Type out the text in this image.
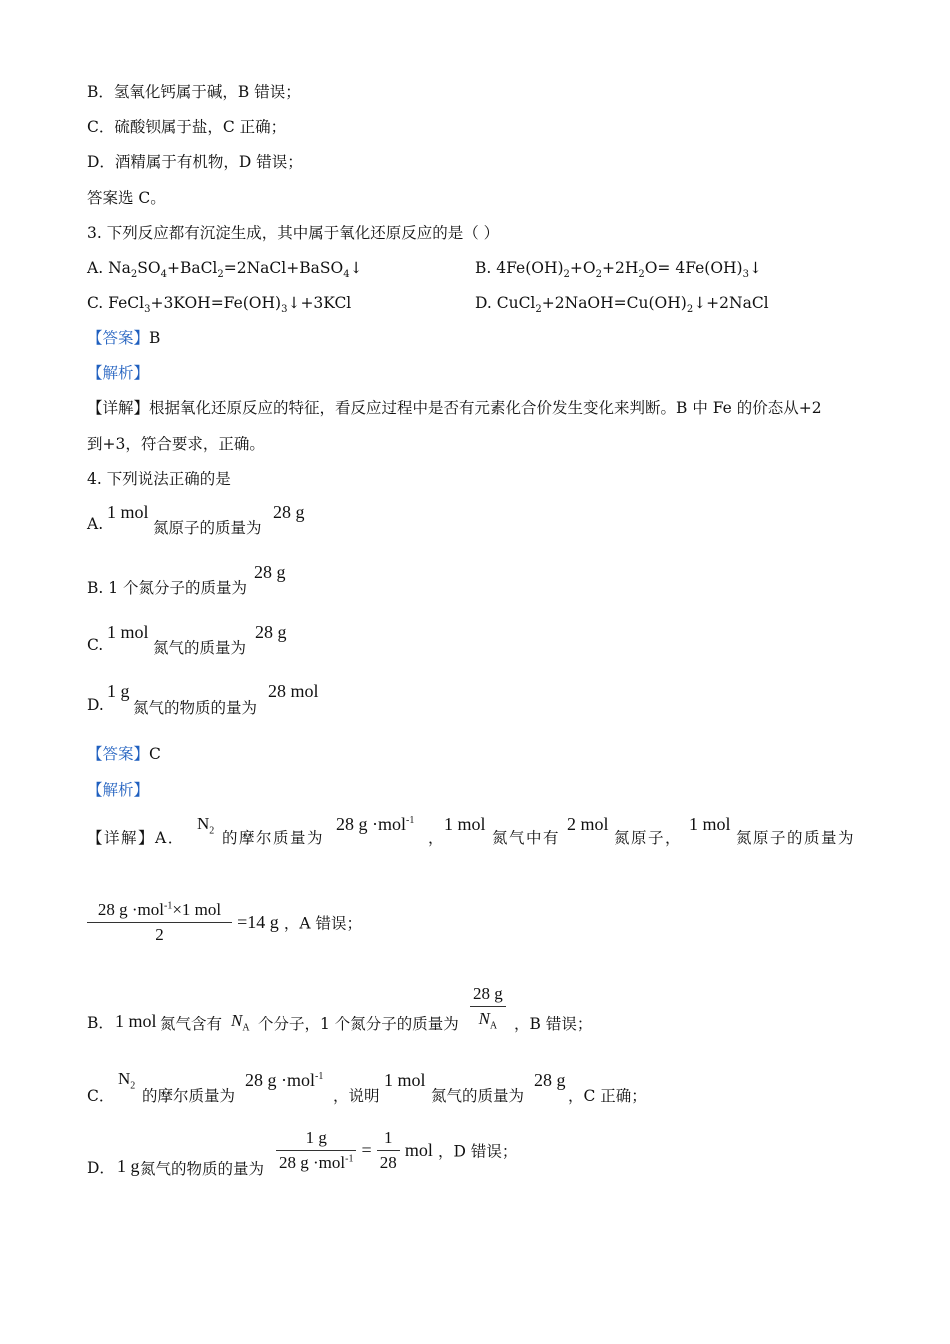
B．氢氧化钙属于碱，B 错误；
C．硫酸钡属于盐，C 正确；
D．酒精属于有机物，D 错误；
答案选 C。
3. 下列反应都有沉淀生成，其中属于氧化还原反应的是（ ）
A. $Na_2SO_4+BaCl_2=2NaCl+BaSO_4↓$	B. $4Fe(OH)_2+O_2+2H_2O=$ $4Fe(OH)_3↓$
C. $FeCl_3+3KOH=Fe(OH)_3↓+3KCl$	D. $CuCl_2+2NaOH=Cu(OH)_2↓+2NaCl$
【答案】B
【解析】
【详解】根据氧化还原反应的特征，看反应过程中是否有元素化合价发生变化来判断。B 中 Fe 的价态从+2
到+3，符合要求，正确。
4. 下列说法正确的是
A.
1 mol
氮原子的质量为
28 g
B. 1 个氮分子的质量为
28 g
C.
1 mol
氮气的质量为
28 g
D.
1 g
氮气的物质的量为
28 mol
【答案】C
【解析】
【详解】A．
$N_2$ 的摩尔质量为
28 g ·mol$^{-1}$
，
1 mol
氮气中有
2 mol
氮原子，
1 mol
氮原子的质量为
$\frac{28 g \cdot mol^{-1}\times 1 mol}{2} =14$ g ，A 错误；
B． 1 mol 氮气含有 $N_A$ 个分子，1 个氮分子的质量为 $\frac{28 g}{N_A}$ ，B 错误；
C．
$N_2$
的摩尔质量为
28 g ·mol$^{-1}$
，说明
1 mol
氮气的质量为
28 g
，C 正确；
D． 1 g 氮气的物质的量为 $\frac{1 g}{28 g \cdot mol^{-1}} = \frac{1}{28}$ mol ，D 错误；
